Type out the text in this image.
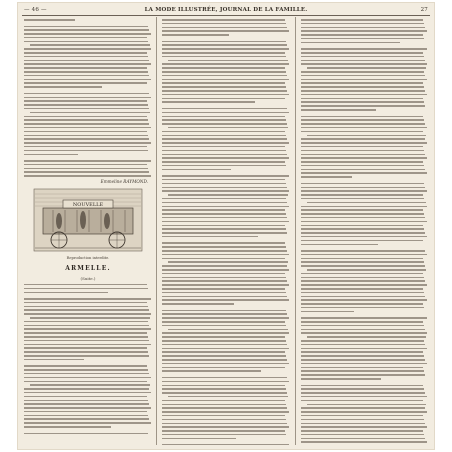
— 46 —	LA MODE ILLUSTRÉE, JOURNAL DE LA FAMILLE.	27
Emmeline RAYMOND.
NOUVELLE
Reproduction interdite.
ARMELLE.
(Suite.)
